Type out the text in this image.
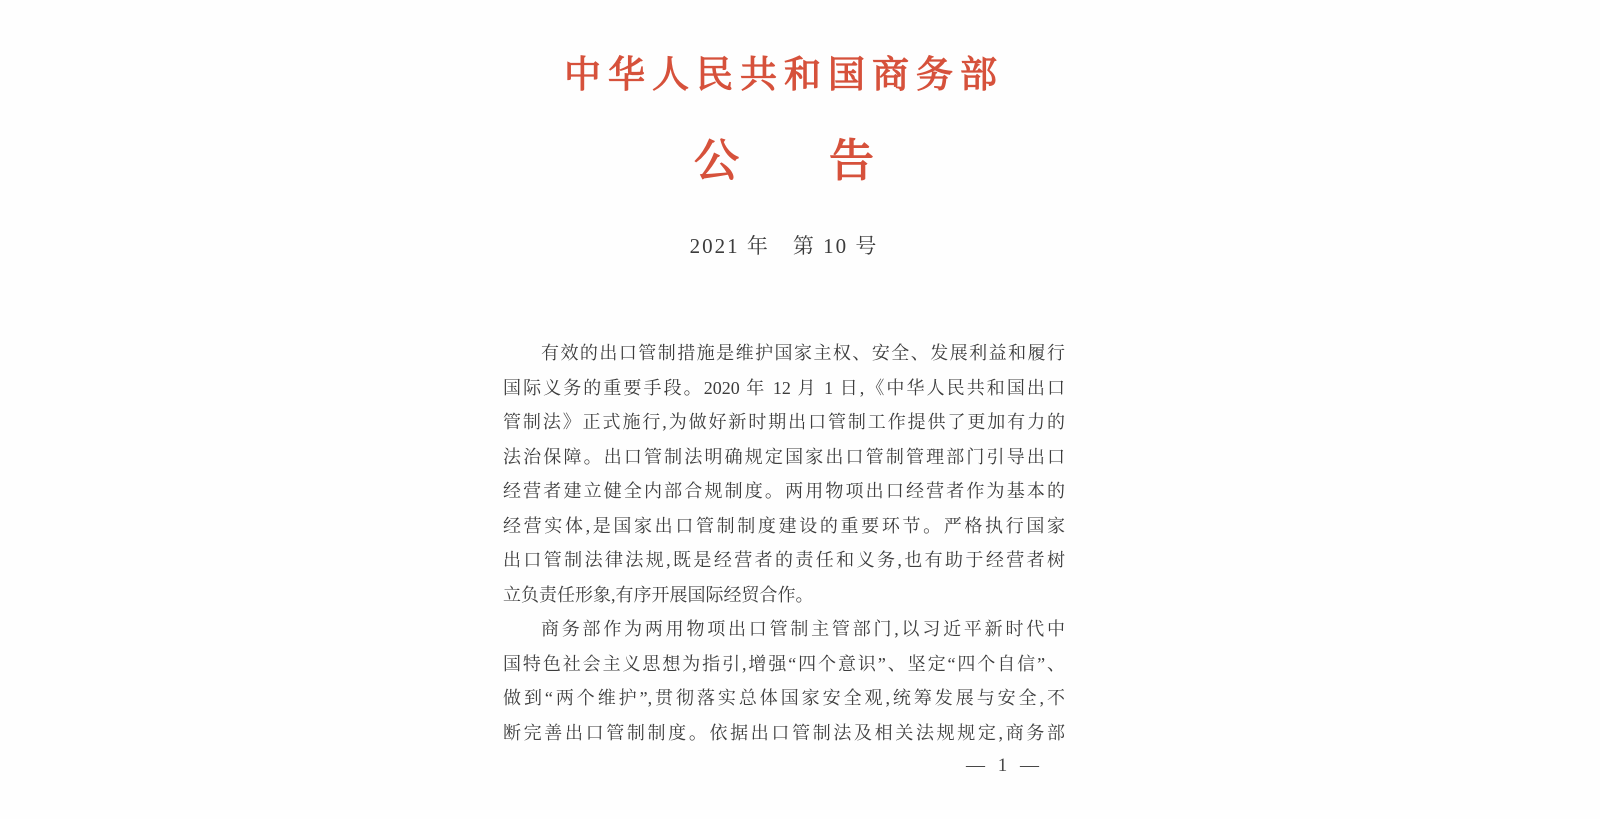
中华人民共和国商务部
公　　告
2021 年　第 10 号
有效的出口管制措施是维护国家主权、安全、发展利益和履行
国际义务的重要手段。2020 年 12 月 1 日,《中华人民共和国出口
管制法》正式施行,为做好新时期出口管制工作提供了更加有力的
法治保障。出口管制法明确规定国家出口管制管理部门引导出口
经营者建立健全内部合规制度。两用物项出口经营者作为基本的
经营实体,是国家出口管制制度建设的重要环节。严格执行国家
出口管制法律法规,既是经营者的责任和义务,也有助于经营者树
立负责任形象,有序开展国际经贸合作。
商务部作为两用物项出口管制主管部门,以习近平新时代中
国特色社会主义思想为指引,增强“四个意识”、坚定“四个自信”、
做到“两个维护”,贯彻落实总体国家安全观,统筹发展与安全,不
断完善出口管制制度。依据出口管制法及相关法规规定,商务部
— 1 —
